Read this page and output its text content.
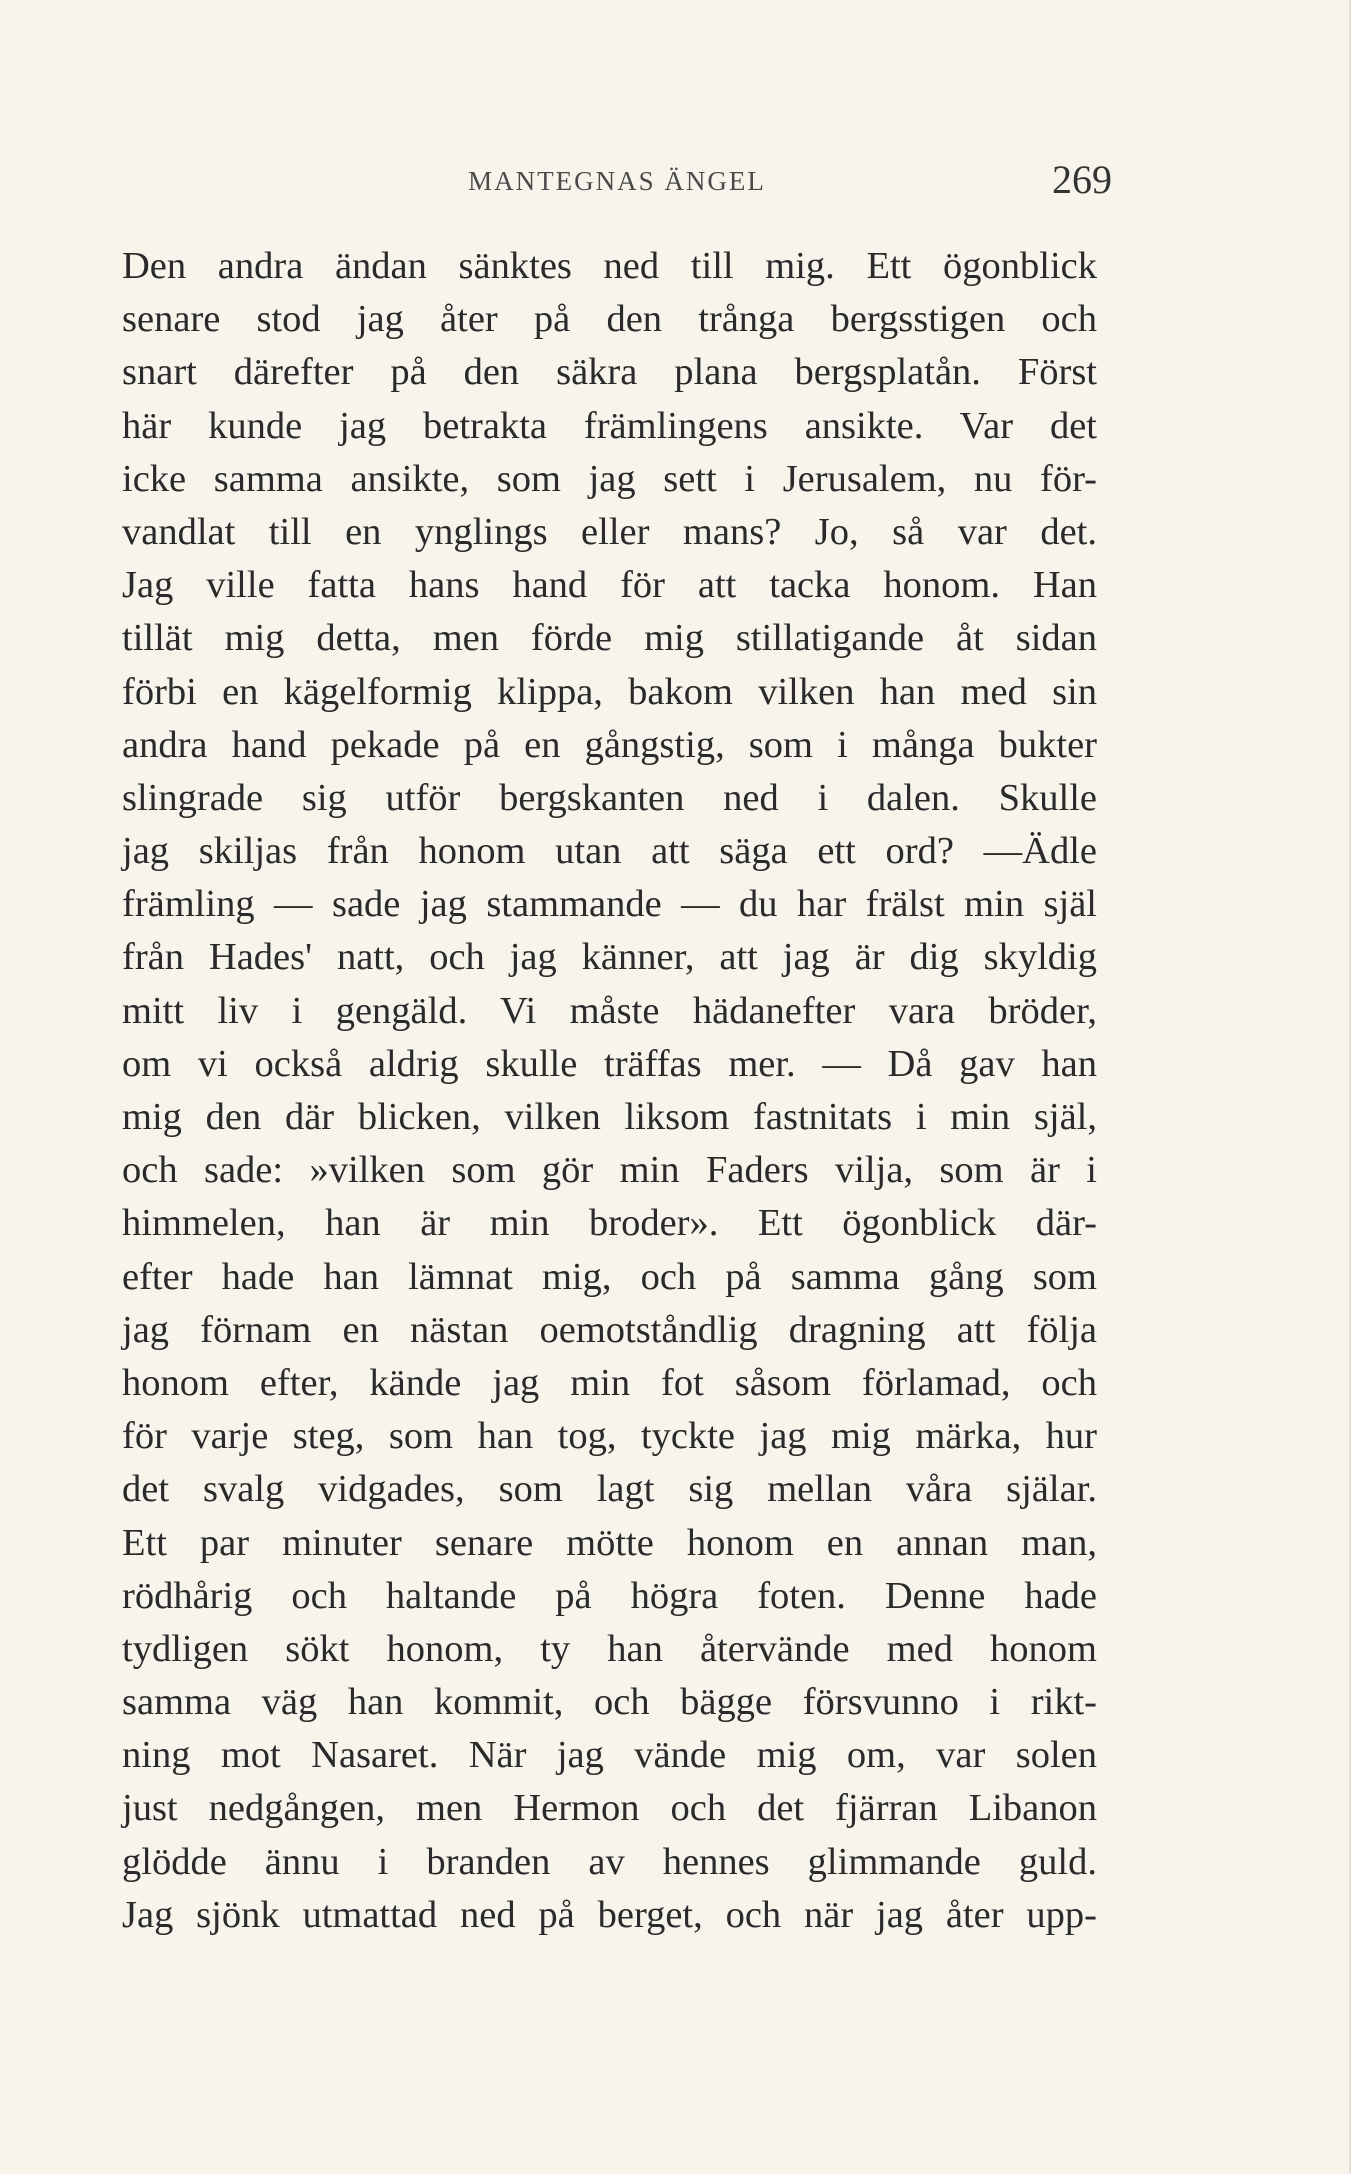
MANTEGNAS ÄNGEL	269
Den andra ändan sänktes ned till mig. Ett ögonblick
senare stod jag åter på den trånga bergsstigen och
snart därefter på den säkra plana bergsplatån. Först
här kunde jag betrakta främlingens ansikte. Var det
icke samma ansikte, som jag sett i Jerusalem, nu för-
vandlat till en ynglings eller mans? Jo, så var det.
Jag ville fatta hans hand för att tacka honom. Han
tillät mig detta, men förde mig stillatigande åt sidan
förbi en kägelformig klippa, bakom vilken han med sin
andra hand pekade på en gångstig, som i många bukter
slingrade sig utför bergskanten ned i dalen. Skulle
jag skiljas från honom utan att säga ett ord? —Ädle
främling — sade jag stammande — du har frälst min själ
från Hades' natt, och jag känner, att jag är dig skyldig
mitt liv i gengäld. Vi måste hädanefter vara bröder,
om vi också aldrig skulle träffas mer. — Då gav han
mig den där blicken, vilken liksom fastnitats i min själ,
och sade: »vilken som gör min Faders vilja, som är i
himmelen, han är min broder». Ett ögonblick där-
efter hade han lämnat mig, och på samma gång som
jag förnam en nästan oemotståndlig dragning att följa
honom efter, kände jag min fot såsom förlamad, och
för varje steg, som han tog, tyckte jag mig märka, hur
det svalg vidgades, som lagt sig mellan våra själar.
Ett par minuter senare mötte honom en annan man,
rödhårig och haltande på högra foten. Denne hade
tydligen sökt honom, ty han återvände med honom
samma väg han kommit, och bägge försvunno i rikt-
ning mot Nasaret. När jag vände mig om, var solen
just nedgången, men Hermon och det fjärran Libanon
glödde ännu i branden av hennes glimmande guld.
Jag sjönk utmattad ned på berget, och när jag åter upp-
